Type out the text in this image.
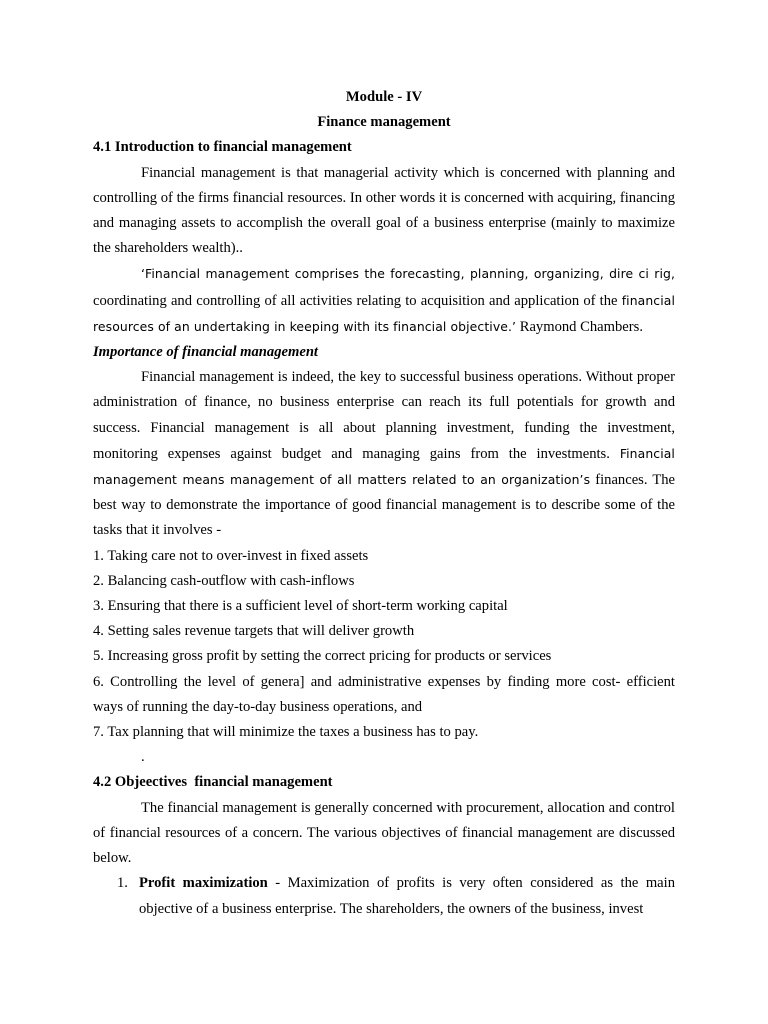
Module - IV

Finance management

4.1 Introduction to financial management

Financial management is that managerial activity which is concerned with planning and controlling of the firms financial resources. In other words it is concerned with acquiring, financing and managing assets to accomplish the overall goal of a business enterprise (mainly to maximize the shareholders wealth)..

‘Financial management comprises the forecasting, planning, organizing, dire ci rig, coordinating and controlling of all activities relating to acquisition and application of the financial resources of an undertaking in keeping with its financial objective.’ Raymond Chambers.

Importance of financial management

Financial management is indeed, the key to successful business operations. Without proper administration of finance, no business enterprise can reach its full potentials for growth and success. Financial management is all about planning investment, funding the investment, monitoring expenses against budget and managing gains from the investments. Financial management means management of all matters related to an organization’s finances. The best way to demonstrate the importance of good financial management is to describe some of the tasks that it involves -

1. Taking care not to over-invest in fixed assets

2. Balancing cash-outflow with cash-inflows

3. Ensuring that there is a sufficient level of short-term working capital

4. Setting sales revenue targets that will deliver growth

5. Increasing gross profit by setting the correct pricing for products or services

6. Controlling the level of genera] and administrative expenses by finding more cost- efficient ways of running the day-to-day business operations, and

7. Tax planning that will minimize the taxes a business has to pay.

.

4.2 Objeectives  financial management

The financial management is generally concerned with procurement, allocation and control of financial resources of a concern. The various objectives of financial management are discussed below.

1. Profit maximization - Maximization of profits is very often considered as the main objective of a business enterprise. The shareholders, the owners of the business, invest
